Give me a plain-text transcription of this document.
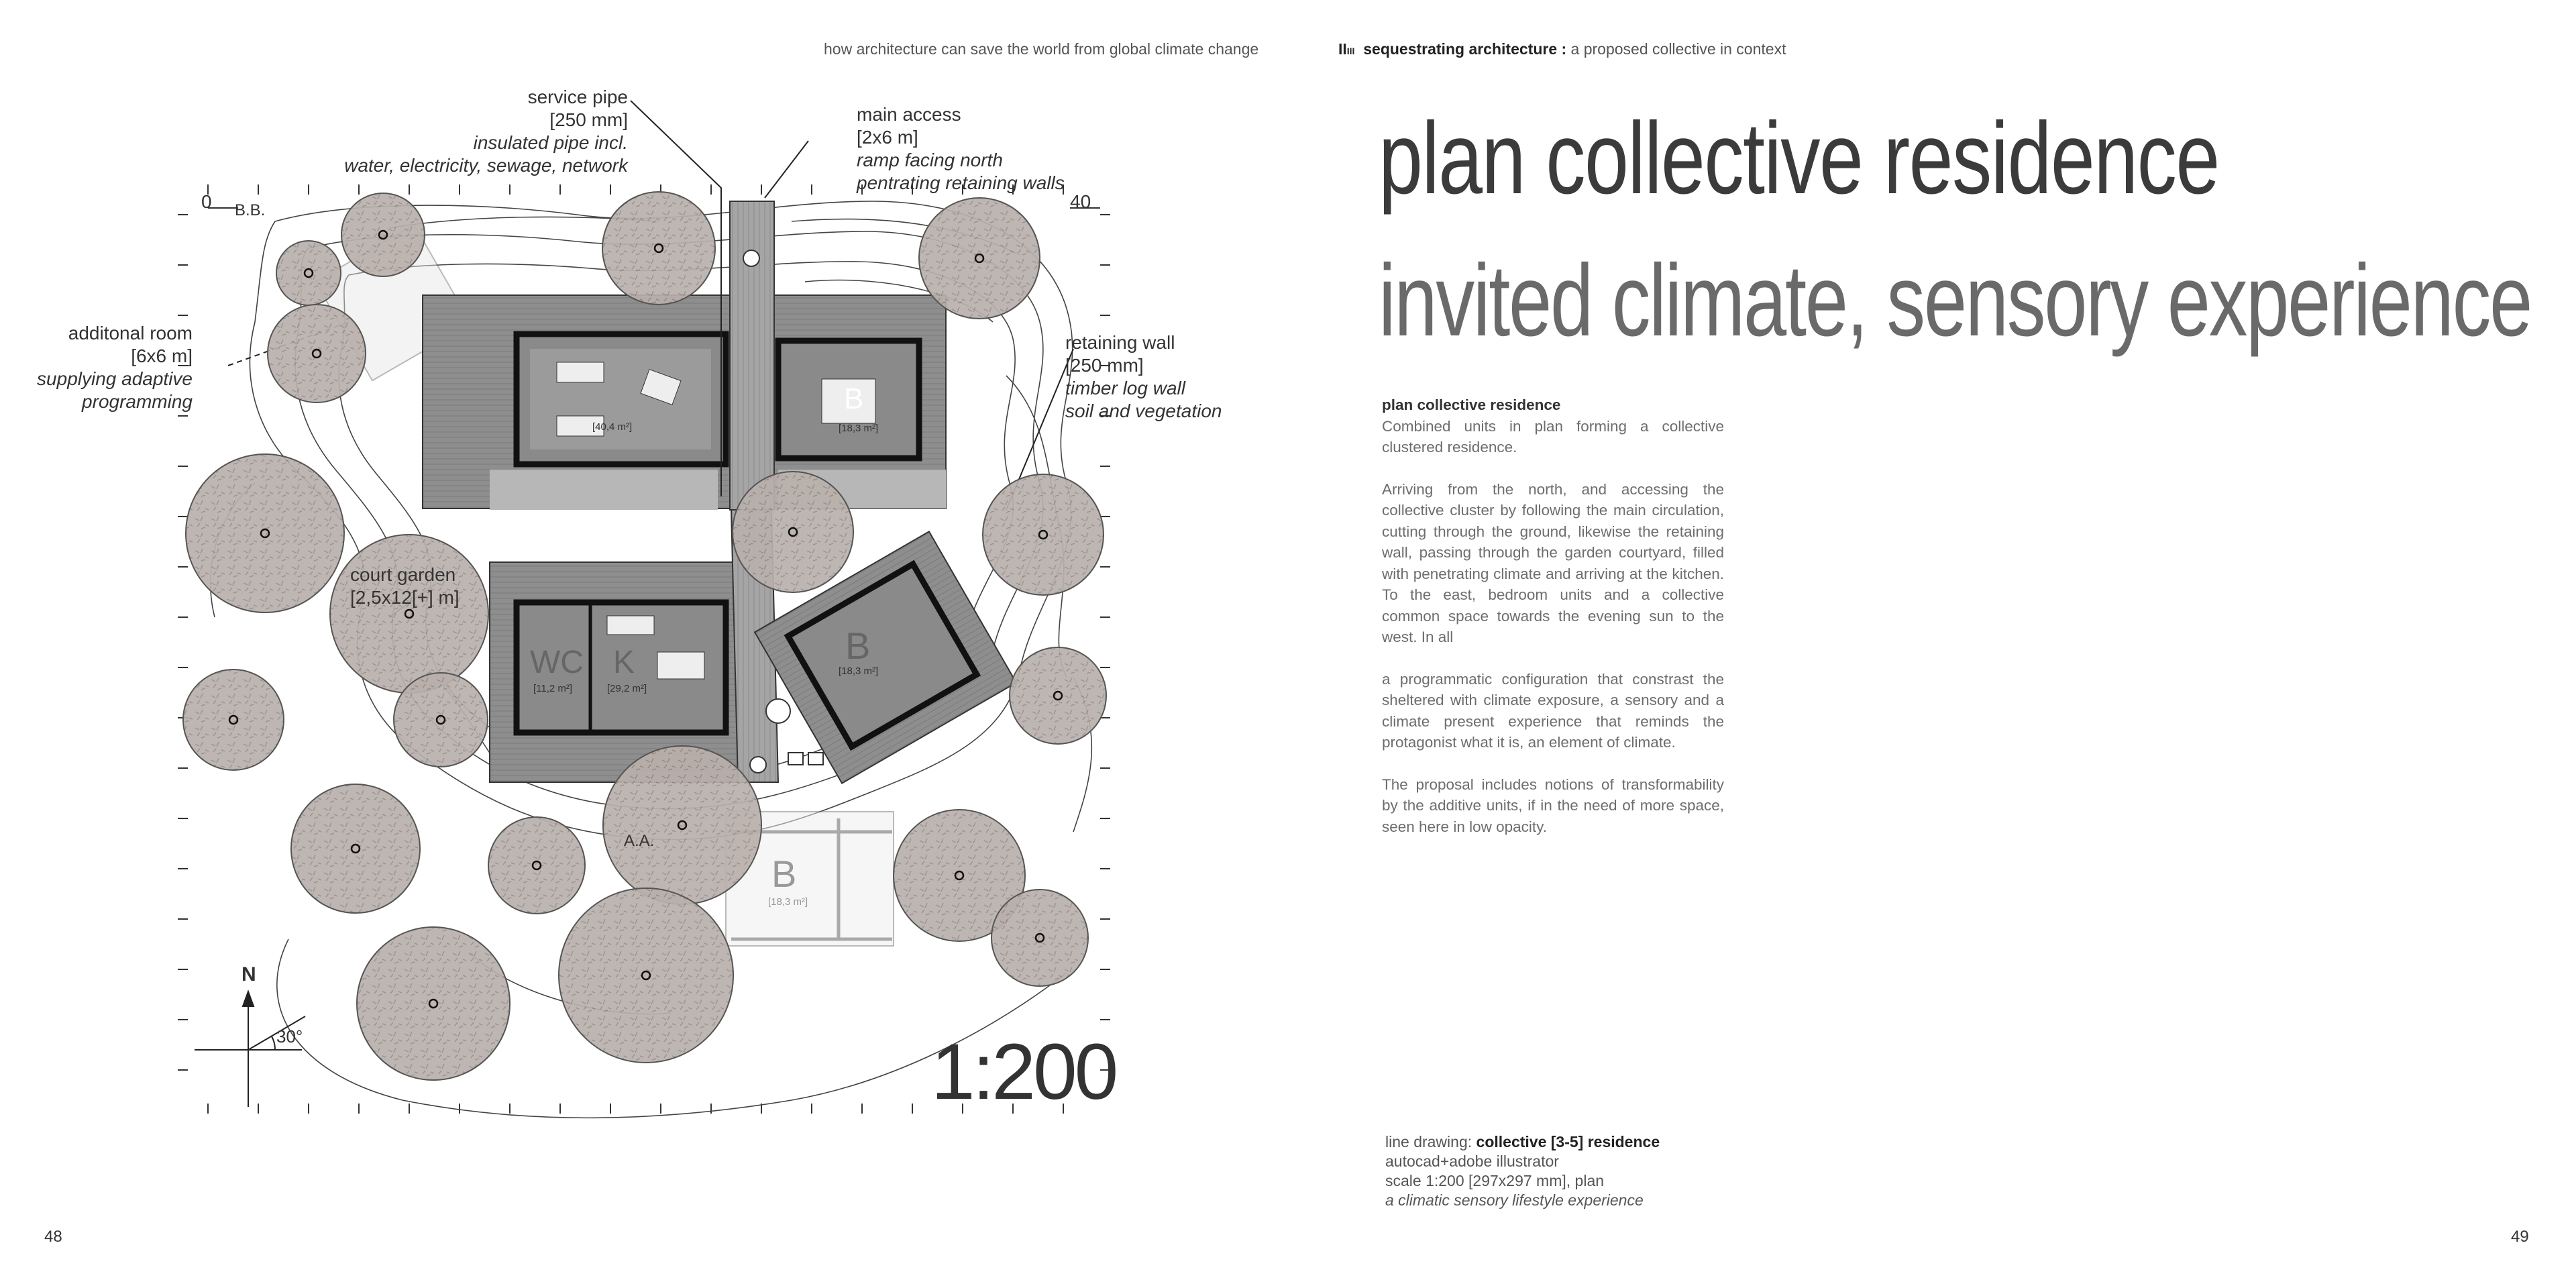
how architecture can save the world from global climate change	IIIII sequestrating architecture : a proposed collective in context
48	49
plan collective residence
invited climate, sensory experience
plan collective residence

Combined units in plan forming a collective clustered residence.

Arriving from the north, and accessing the collective cluster by following the main circulation, cutting through the ground, likewise the retaining wall, passing through the garden courtyard, filled with penetrating climate and arriving at the kitchen. To the east, bedroom units and a collective common space towards the evening sun to the west. In all

a programmatic configuration that constrast the sheltered with climate exposure, a sensory and a climate present experience that reminds the protagonist what it is, an element of climate.

The proposal includes notions of transformability by the additive units, if in the need of more space, seen here in low opacity.

line drawing: collective [3-5] residence
autocad+adobe illustrator
scale 1:200 [297x297 mm], plan
a climatic sensory lifestyle experience
service pipe
[250 mm]
insulated pipe incl.
water, electricity, sewage, network
main access
[2x6 m]
ramp facing north
pentrating retaining walls
additonal room
[6x6 m]
supplying adaptive
programming
retaining wall
[250 mm]
timber log wall
soil and vegetation
court garden
[2,5x12[+] m]
0	40
B.B.
A.A.
N
30°	1:200
[40,4 m²]
B
[18,3 m²]
B
[18,3 m²]
WC
[11,2 m²]
K
[29,2 m²]
B
[18,3 m²]
